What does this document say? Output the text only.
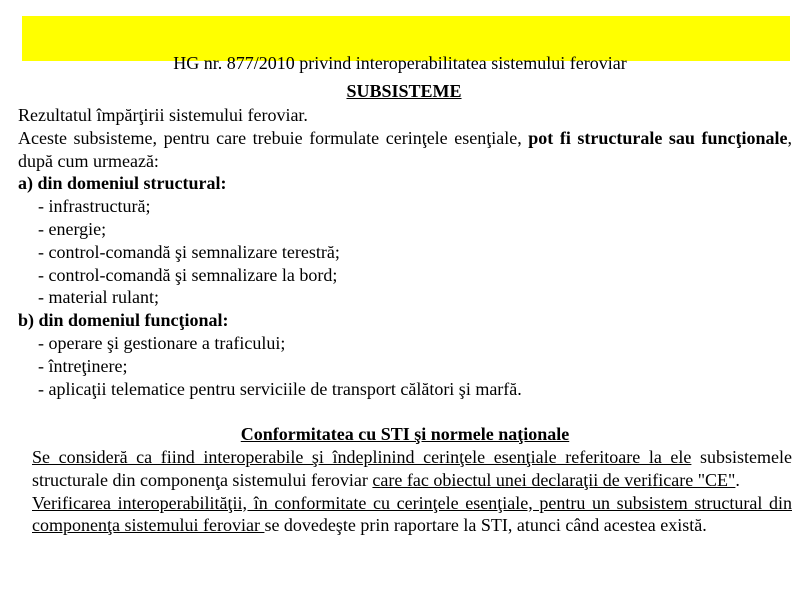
HG nr. 877/2010 privind interoperabilitatea sistemului feroviar
SUBSISTEME

Rezultatul împărţirii sistemului feroviar.

Aceste subsisteme, pentru care trebuie formulate cerinţele esenţiale, pot fi structurale sau funcţionale, după cum urmează:

a) din domeniul structural:

- infrastructură;

- energie;

- control-comandă şi semnalizare terestră;

- control-comandă şi semnalizare la bord;

- material rulant;

b) din domeniul funcţional:

- operare şi gestionare a traficului;

- întreţinere;

- aplicaţii telematice pentru serviciile de transport călători şi marfă.

Conformitatea cu STI şi normele naţionale

Se consideră ca fiind interoperabile şi îndeplinind cerinţele esenţiale referitoare la ele subsistemele structurale din componenţa sistemului feroviar care fac obiectul unei declaraţii de verificare "CE".

Verificarea interoperabilităţii, în conformitate cu cerinţele esenţiale, pentru un subsistem structural din componenţa sistemului feroviar se dovedeşte prin raportare la STI, atunci când acestea există.
